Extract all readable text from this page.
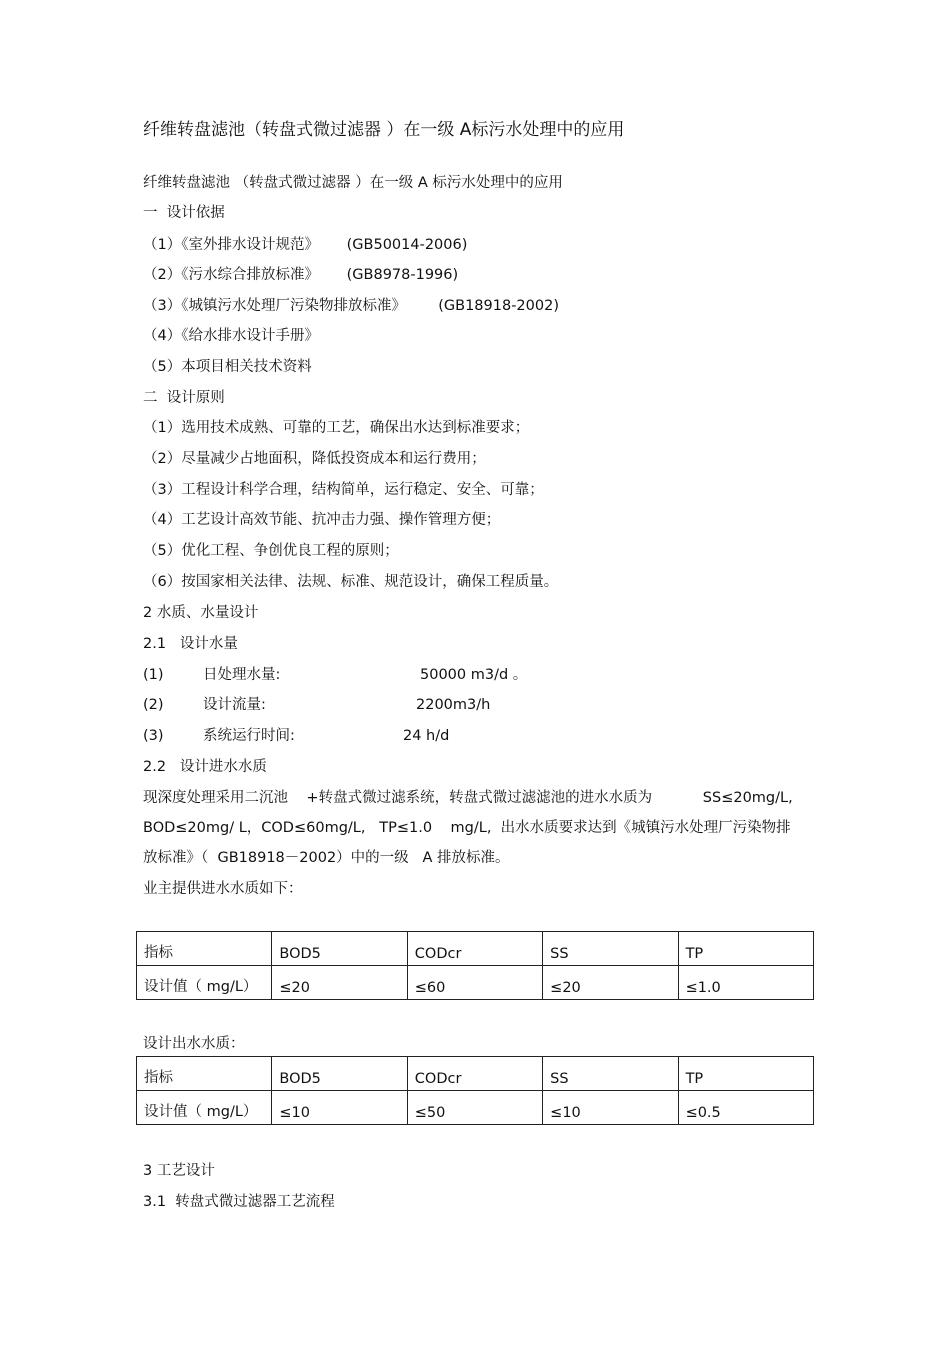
纤维转盘滤池（转盘式微过滤器 ）在一级 A标污水处理中的应用
纤维转盘滤池 （转盘式微过滤器 ）在一级 A 标污水处理中的应用
一  设计依据
（1）《室外排水设计规范》      (GB50014-2006)
（2）《污水综合排放标准》      (GB8978-1996)
（3）《城镇污水处理厂污染物排放标准》       (GB18918-2002)
（4）《给水排水设计手册》
（5）本项目相关技术资料
二  设计原则
（1）选用技术成熟、可靠的工艺，确保出水达到标准要求；
（2）尽量减少占地面积，降低投资成本和运行费用；
（3）工程设计科学合理，结构简单，运行稳定、安全、可靠；
（4）工艺设计高效节能、抗冲击力强、操作管理方便；
（5）优化工程、争创优良工程的原则；
（6）按国家相关法律、法规、标准、规范设计，确保工程质量。
2 水质、水量设计
2.1   设计水量
(1)	日处理水量:	50000 m3/d 。
(2)	设计流量:	2200m3/h
(3)	系统运行时间:	24 h/d
2.2   设计进水水质
现深度处理采用二沉池    +转盘式微过滤系统，转盘式微过滤滤池的进水水质为           SS≤20mg/L,
BOD≤20mg/ L，COD≤60mg/L,   TP≤1.0    mg/L,  出水水质要求达到《城镇污水处理厂污染物排
放标准》（  GB18918－2002）中的一级   A 排放标准。
业主提供进水水质如下：
指标	BOD5	CODcr	SS	TP
设计值（ mg/L）	≤20	≤60	≤20	≤1.0
设计出水水质：
指标	BOD5	CODcr	SS	TP
设计值（ mg/L）	≤10	≤50	≤10	≤0.5
3 工艺设计
3.1  转盘式微过滤器工艺流程
